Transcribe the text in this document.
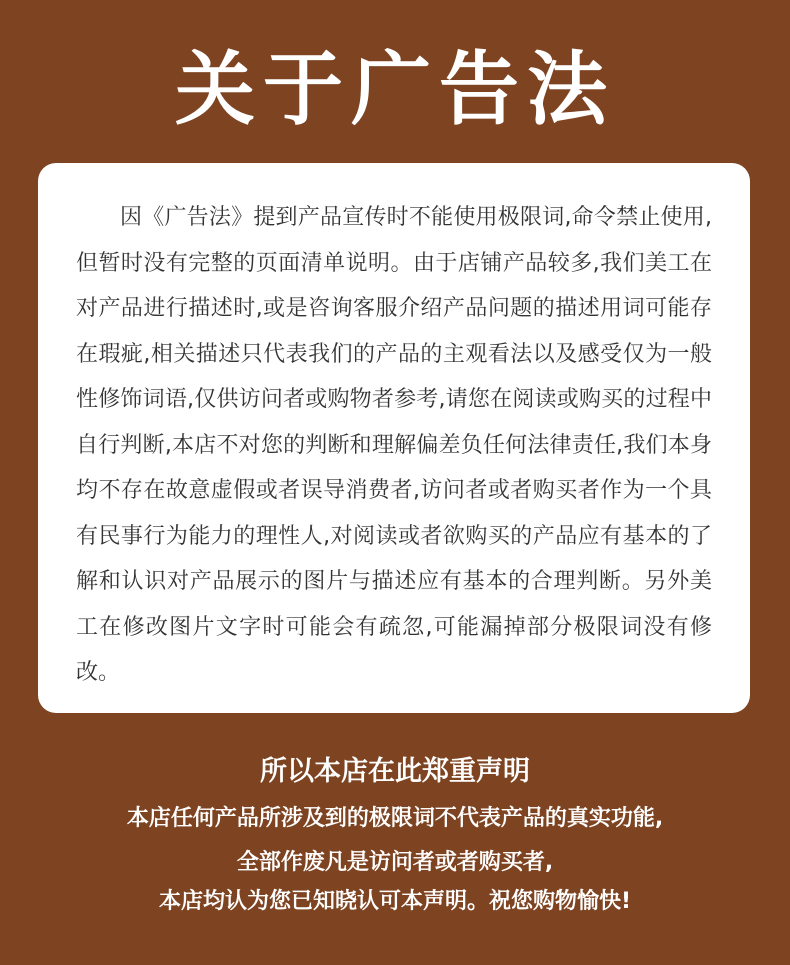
关于广告法

因《广告法》提到产品宣传时不能使用极限词,命令禁止使用,但暂时没有完整的页面清单说明。由于店铺产品较多,我们美工在对产品进行描述时,或是咨询客服介绍产品问题的描述用词可能存在瑕疵,相关描述只代表我们的产品的主观看法以及感受仅为一般性修饰词语,仅供访问者或购物者参考,请您在阅读或购买的过程中自行判断,本店不对您的判断和理解偏差负任何法律责任,我们本身均不存在故意虚假或者误导消费者,访问者或者购买者作为一个具有民事行为能力的理性人,对阅读或者欲购买的产品应有基本的了解和认识对产品展示的图片与描述应有基本的合理判断。另外美工在修改图片文字时可能会有疏忽,可能漏掉部分极限词没有修改。

所以本店在此郑重声明
本店任何产品所涉及到的极限词不代表产品的真实功能,
全部作废凡是访问者或者购买者,
本店均认为您已知晓认可本声明。祝您购物愉快!
